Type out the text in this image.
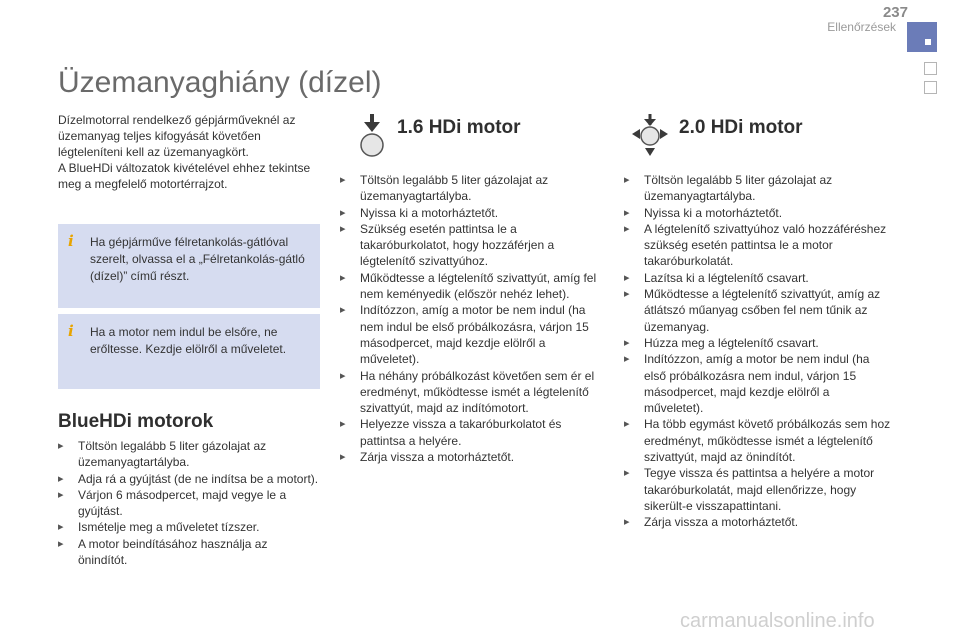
237
Ellenőrzések
Üzemanyaghiány (dízel)

Dízelmotorral rendelkező gépjárműveknél az üzemanyag teljes kifogyását követően légteleníteni kell az üzemanyagkört.

A BlueHDi változatok kivételével ehhez tekintse meg a megfelelő motortérrajzot.

i Ha gépjárműve félretankolás-gátlóval szerelt, olvassa el a „Félretankolás-gátló (dízel)” című részt.
i Ha a motor nem indul be elsőre, ne erőltesse. Kezdje elölről a műveletet.
BlueHDi motorok
▸ Töltsön legalább 5 liter gázolajat az üzemanyagtartályba.
▸ Adja rá a gyújtást (de ne indítsa be a motort).
▸ Várjon 6 másodpercet, majd vegye le a gyújtást.
▸ Ismételje meg a műveletet tízszer.
▸ A motor beindításához használja az önindítót.
1.6 HDi motor	2.0 HDi motor
▸ Töltsön legalább 5 liter gázolajat az üzemanyagtartályba.
▸ Nyissa ki a motorháztetőt.
▸ Szükség esetén pattintsa le a takaróburkolatot, hogy hozzáférjen a légtelenítő szivattyúhoz.
▸ Működtesse a légtelenítő szivattyút, amíg fel nem keményedik (először nehéz lehet).
▸ Indítózzon, amíg a motor be nem indul (ha nem indul be első próbálkozásra, várjon 15 másodpercet, majd kezdje elölről a műveletet).
▸ Ha néhány próbálkozást követően sem ér el eredményt, működtesse ismét a légtelenítő szivattyút, majd az indítómotort.
▸ Helyezze vissza a takaróburkolatot és pattintsa a helyére.
▸ Zárja vissza a motorháztetőt.
▸ Töltsön legalább 5 liter gázolajat az üzemanyagtartályba.
▸ Nyissa ki a motorháztetőt.
▸ A légtelenítő szivattyúhoz való hozzáféréshez szükség esetén pattintsa le a motor takaróburkolatát.
▸ Lazítsa ki a légtelenítő csavart.
▸ Működtesse a légtelenítő szivattyút, amíg az átlátszó műanyag csőben fel nem tűnik az üzemanyag.
▸ Húzza meg a légtelenítő csavart.
▸ Indítózzon, amíg a motor be nem indul (ha első próbálkozásra nem indul, várjon 15 másodpercet, majd kezdje elölről a műveletet).
▸ Ha több egymást követő próbálkozás sem hoz eredményt, működtesse ismét a légtelenítő szivattyút, majd az önindítót.
▸ Tegye vissza és pattintsa a helyére a motor takaróburkolatát, majd ellenőrizze, hogy sikerült-e visszapattintani.
▸ Zárja vissza a motorháztetőt.
carmanualsonline.info
